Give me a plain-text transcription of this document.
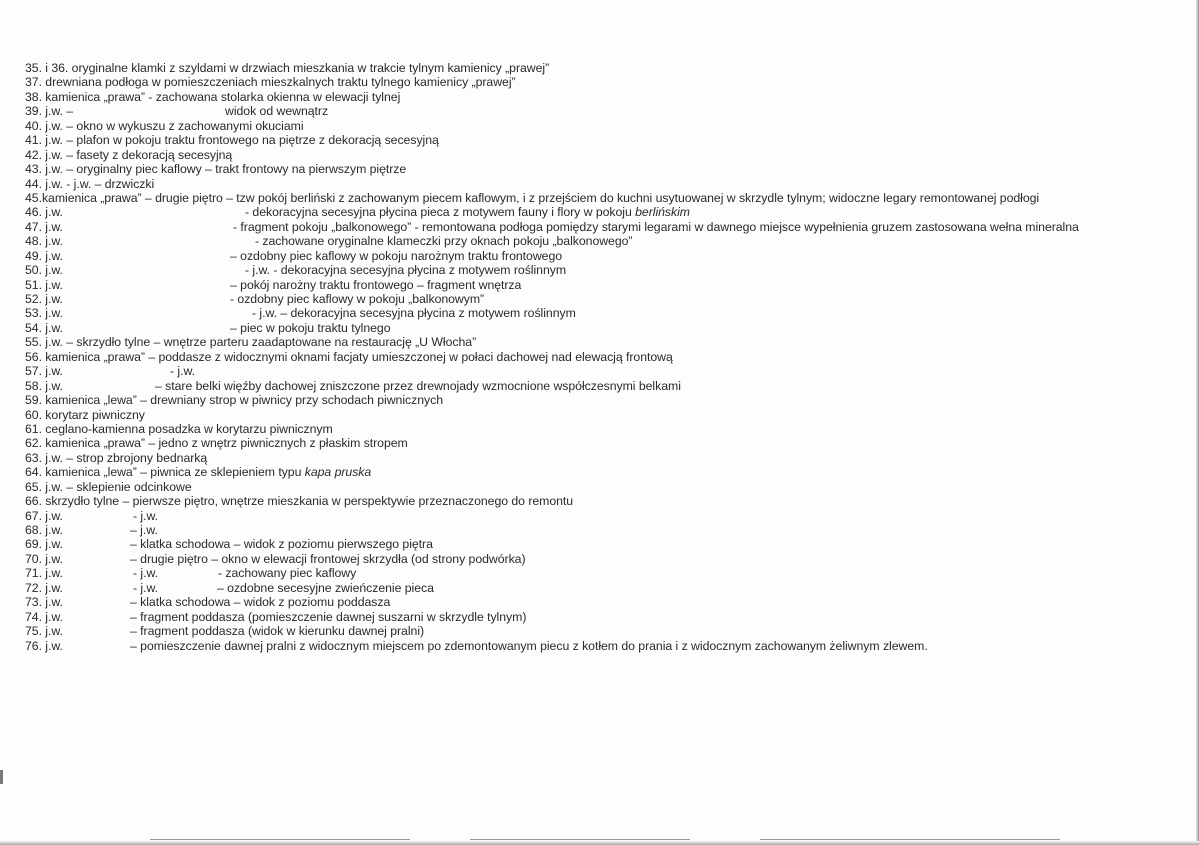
35. i 36. oryginalne klamki z szyldami w drzwiach mieszkania w trakcie tylnym kamienicy „prawej”
37. drewniana podłoga w pomieszczeniach mieszkalnych traktu tylnego kamienicy „prawej”
38. kamienica „prawa” - zachowana stolarka okienna w elewacji tylnej
39. j.w. –	widok od wewnątrz
40. j.w. – okno w wykuszu z zachowanymi okuciami
41. j.w. – plafon w pokoju traktu frontowego na piętrze z dekoracją secesyjną
42. j.w. – fasety z dekoracją secesyjną
43. j.w. – oryginalny piec kaflowy – trakt frontowy na pierwszym piętrze
44. j.w. - j.w. – drzwiczki
45.kamienica „prawa” – drugie piętro – tzw pokój berliński z zachowanym piecem kaflowym, i z przejściem do kuchni usytuowanej w skrzydle tylnym; widoczne legary remontowanej podłogi
46. j.w.	- dekoracyjna secesyjna płycina pieca z motywem fauny i flory w pokoju berlińskim
47. j.w.	- fragment pokoju „balkonowego” - remontowana podłoga pomiędzy starymi legarami w dawnego miejsce wypełnienia gruzem zastosowana wełna mineralna
48. j.w.	- zachowane oryginalne klameczki przy oknach pokoju „balkonowego”
49. j.w.	– ozdobny piec kaflowy w pokoju narożnym traktu frontowego
50. j.w.	- j.w. - dekoracyjna secesyjna płycina z motywem roślinnym
51. j.w.	– pokój narożny traktu frontowego – fragment wnętrza
52. j.w.	- ozdobny piec kaflowy w pokoju „balkonowym”
53. j.w.	- j.w. – dekoracyjna secesyjna płycina z motywem roślinnym
54. j.w.	– piec w pokoju traktu tylnego
55. j.w. – skrzydło tylne – wnętrze parteru zaadaptowane na restaurację „U Włocha”
56. kamienica „prawa” – poddasze z widocznymi oknami facjaty umieszczonej w połaci dachowej nad elewacją frontową
57. j.w.	- j.w.
58. j.w.	– stare belki więźby dachowej zniszczone przez drewnojady wzmocnione współczesnymi belkami
59. kamienica „lewa” – drewniany strop w piwnicy przy schodach piwnicznych
60. korytarz piwniczny
61. ceglano-kamienna posadzka w korytarzu piwnicznym
62. kamienica „prawa” – jedno z wnętrz piwnicznych z płaskim stropem
63. j.w. – strop zbrojony bednarką
64. kamienica „lewa” – piwnica ze sklepieniem typu kapa pruska
65. j.w. – sklepienie odcinkowe
66. skrzydło tylne – pierwsze piętro, wnętrze mieszkania w perspektywie przeznaczonego do remontu
67. j.w.	- j.w.
68. j.w.	– j.w.
69. j.w.	– klatka schodowa – widok z poziomu pierwszego piętra
70. j.w.	– drugie piętro – okno w elewacji frontowej skrzydła (od strony podwórka)
71. j.w.	- j.w.	- zachowany piec kaflowy
72. j.w.	- j.w.	– ozdobne secesyjne zwieńczenie pieca
73. j.w.	– klatka schodowa – widok z poziomu poddasza
74. j.w.	– fragment poddasza (pomieszczenie dawnej suszarni w skrzydle tylnym)
75. j.w.	– fragment poddasza (widok w kierunku dawnej pralni)
76. j.w.	– pomieszczenie dawnej pralni z widocznym miejscem po zdemontowanym piecu z kotłem do prania i z widocznym zachowanym żeliwnym zlewem.
